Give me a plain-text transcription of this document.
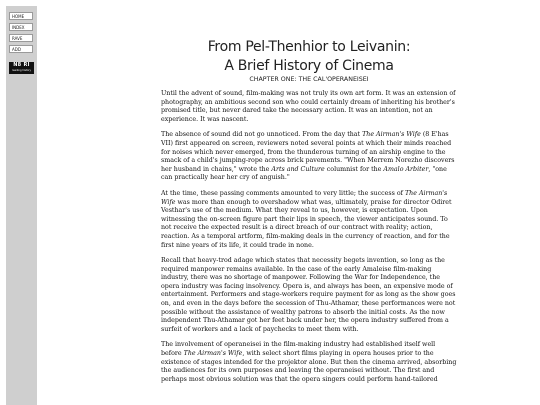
HOME
INDEX
RAVE
ADD
N8 RI
reading history
From Pel-Thenhior to Leivanin:
A Brief History of Cinema
CHAPTER ONE: THE CAL'OPERANEISEI

Until the advent of sound, film-making was not truly its own art form. It was an extension of photography, an ambitious second son who could certainly dream of inheriting his brother's promised title, but never dared take the necessary action. It was an intention, not an experience. It was nascent.

The absence of sound did not go unnoticed. From the day that The Airman's Wife (8 E'has VII) first appeared on screen, reviewers noted several points at which their minds reached for noises which never emerged, from the thunderous turning of an airship engine to the smack of a child's jumping-rope across brick pavements. "When Merrem Norezho discovers her husband in chains," wrote the Arts and Culture columnist for the Amalo Arbiter, "one can practically hear her cry of anguish."

At the time, these passing comments amounted to very little; the success of The Airman's Wife was more than enough to overshadow what was, ultimately, praise for director Odiret Vesthar's use of the medium. What they reveal to us, however, is expectation. Upon witnessing the on-screen figure part their lips in speech, the viewer anticipates sound. To not receive the expected result is a direct breach of our contract with reality; action, reaction. As a temporal artform, film-making deals in the currency of reaction, and for the first nine years of its life, it could trade in none.

Recall that heavy-trod adage which states that necessity begets invention, so long as the required manpower remains available. In the case of the early Amaleise film-making industry, there was no shortage of manpower. Following the War for Independence, the opera industry was facing insolvency. Opera is, and always has been, an expensive mode of entertainment. Performers and stage-workers require payment for as long as the show goes on, and even in the days before the secession of Thu-Athamar, these performances were not possible without the assistance of wealthy patrons to absorb the initial costs. As the now independent Thu-Athamar got her feet back under her, the opera industry suffered from a surfeit of workers and a lack of paychecks to meet them with.

The involvement of operaneisei in the film-making industry had established itself well before The Airman's Wife, with select short films playing in opera houses prior to the existence of stages intended for the projektor alone. But then the cinema arrived, absorbing the audiences for its own purposes and leaving the operaneisei without. The first and perhaps most obvious solution was that the opera singers could perform hand-tailored
